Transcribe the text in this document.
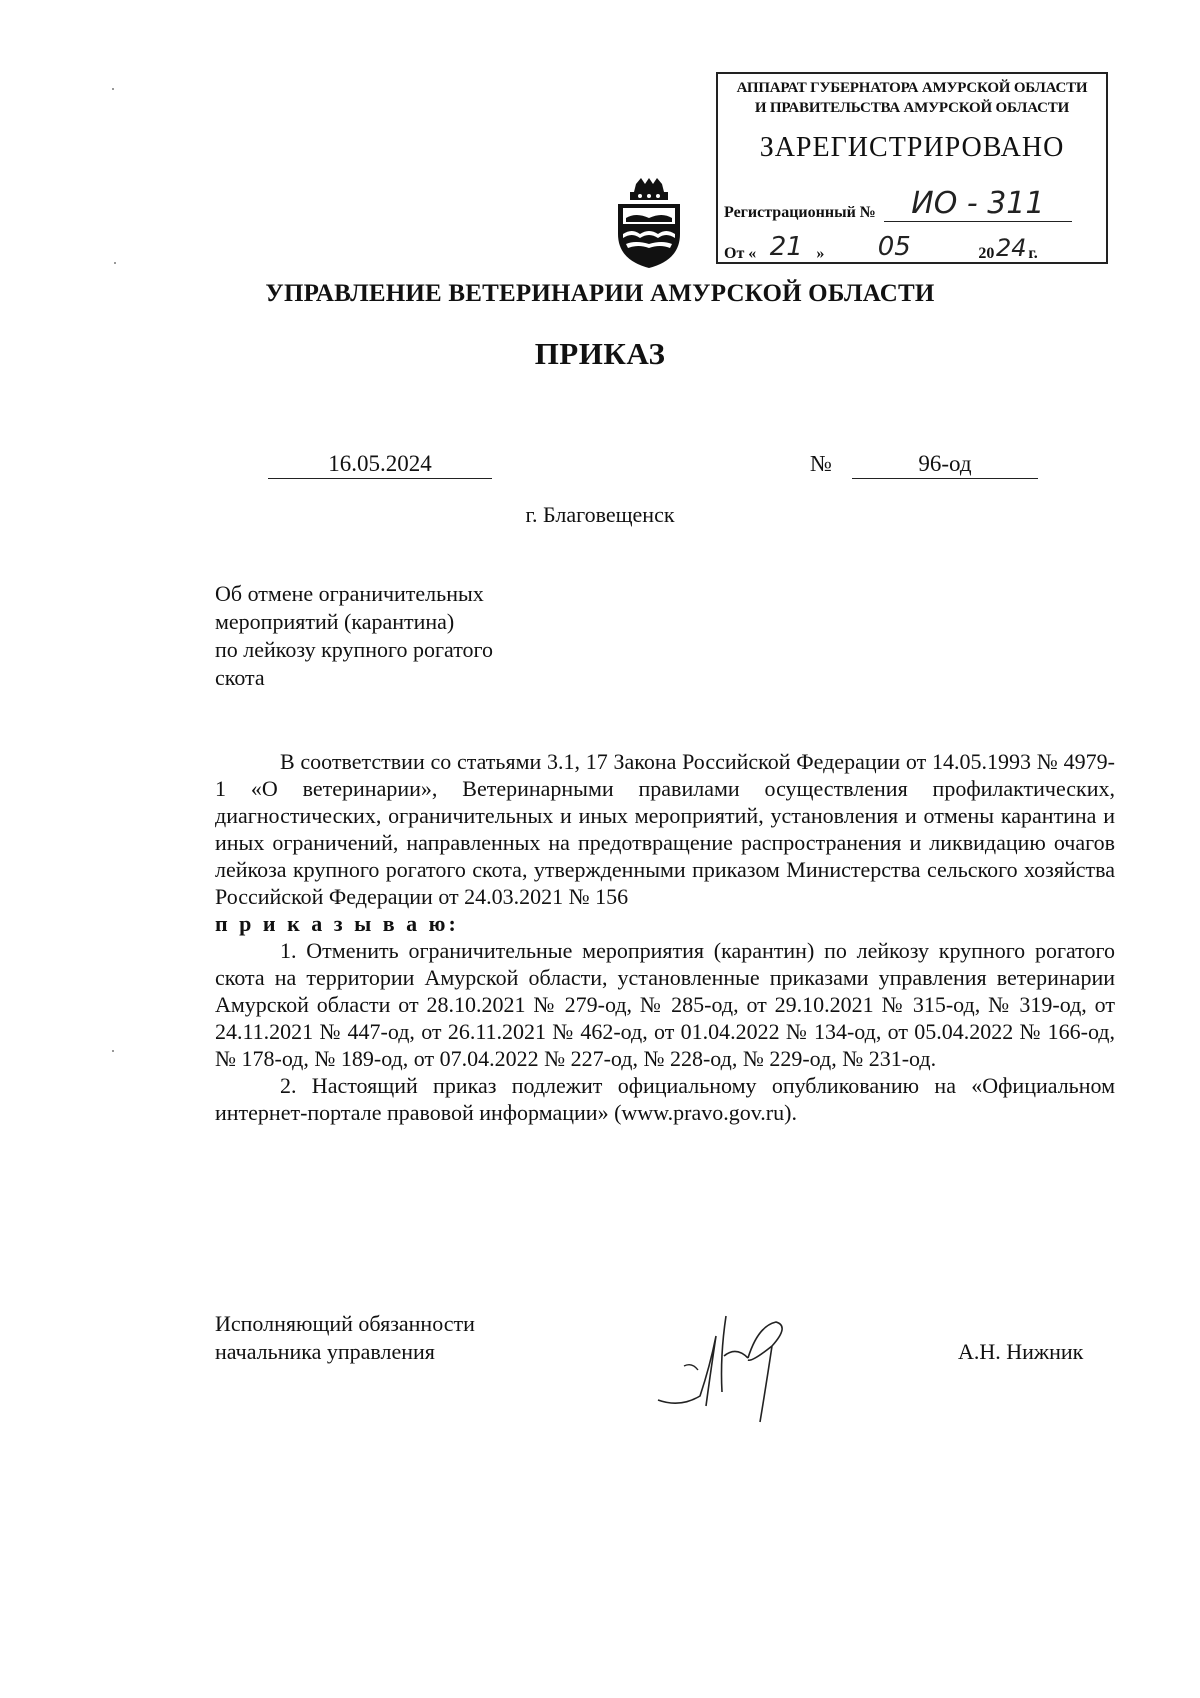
АППАРАТ ГУБЕРНАТОРА АМУРСКОЙ ОБЛАСТИ
И ПРАВИТЕЛЬСТВА АМУРСКОЙ ОБЛАСТИ
ЗАРЕГИСТРИРОВАНО
Регистрационный № ИО - 311
От « 21 » 05	2024 г.
УПРАВЛЕНИЕ ВЕТЕРИНАРИИ АМУРСКОЙ ОБЛАСТИ
ПРИКАЗ
16.05.2024	№	96-од
г. Благовещенск
Об отмене ограничительных
мероприятий (карантина)
по лейкозу крупного рогатого
скота

В соответствии со статьями 3.1, 17 Закона Российской Федерации от 14.05.1993 № 4979-1 «О ветеринарии», Ветеринарными правилами осуществления профилактических, диагностических, ограничительных и иных мероприятий, установления и отмены карантина и иных ограничений, направленных на предотвращение распространения и ликвидацию очагов лейкоза крупного рогатого скота, утвержденными приказом Министерства сельского хозяйства Российской Федерации от 24.03.2021 № 156

п р и к а з ы в а ю:

1. Отменить ограничительные мероприятия (карантин) по лейкозу крупного рогатого скота на территории Амурской области, установленные приказами управления ветеринарии Амурской области от 28.10.2021 № 279-од, № 285-од, от 29.10.2021 № 315-од, № 319-од, от 24.11.2021 № 447-од, от 26.11.2021 № 462-од, от 01.04.2022 № 134-од, от 05.04.2022 № 166-од, № 178-од, № 189-од, от 07.04.2022 № 227-од, № 228-од, № 229-од, № 231-од.

2. Настоящий приказ подлежит официальному опубликованию на «Официальном интернет-портале правовой информации» (www.pravo.gov.ru).

Исполняющий обязанности
начальника управления	А.Н. Нижник
